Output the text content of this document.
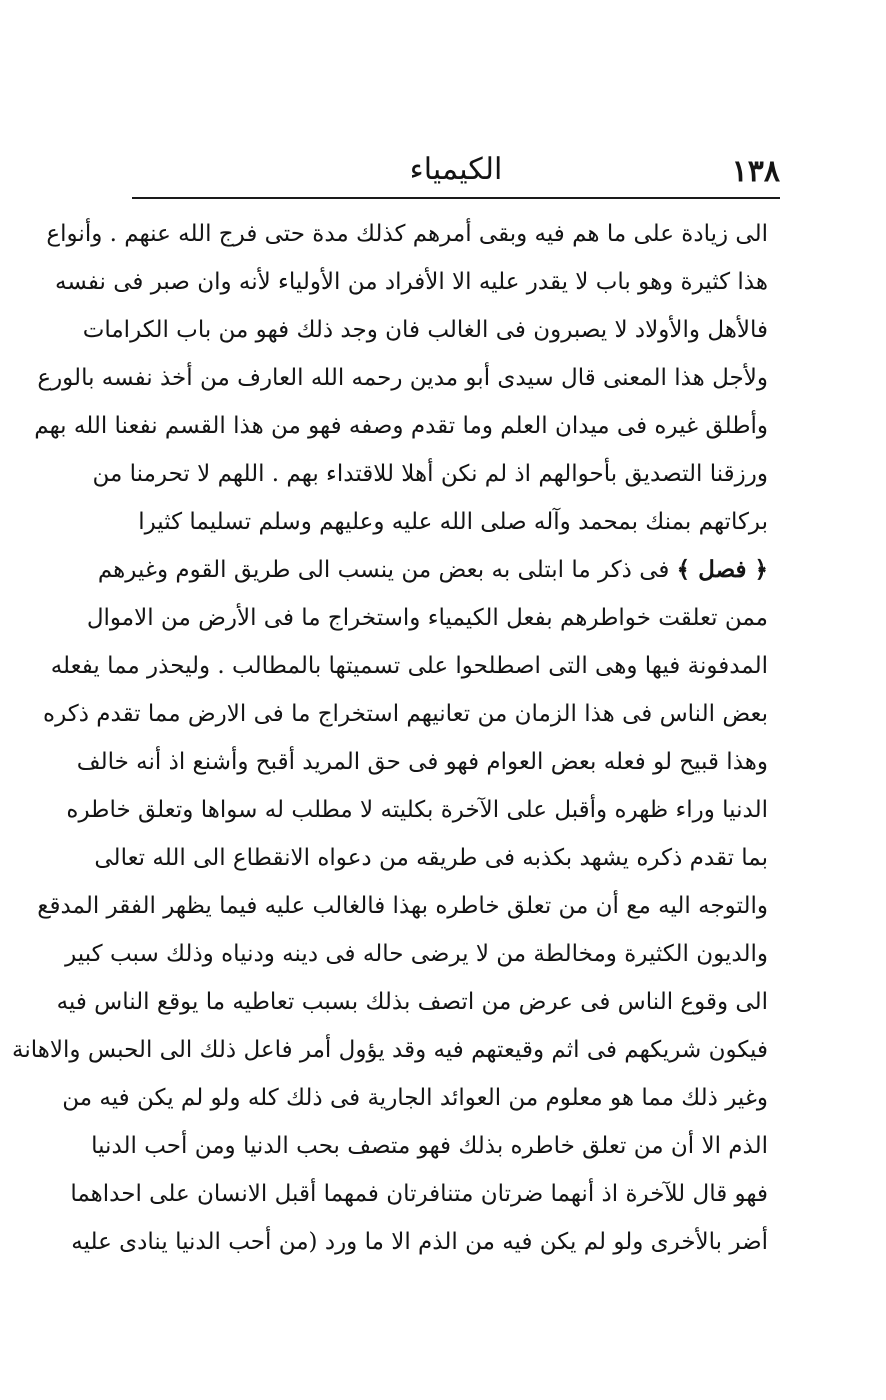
١٣٨
الكيمياء
الى زيادة على ما هم فيه وبقى أمرهم كذلك مدة حتى فرج الله عنهم . وأنواع
هذا كثيرة وهو باب لا يقدر عليه الا الأفراد من الأولياء لأنه وان صبر فى نفسه
فالأهل والأولاد لا يصبرون فى الغالب فان وجد ذلك فهو من باب الكرامات
ولأجل هذا المعنى قال سيدى أبو مدين رحمه الله العارف من أخذ نفسه بالورع
وأطلق غيره فى ميدان العلم وما تقدم وصفه فهو من هذا القسم نفعنا الله بهم
ورزقنا التصديق بأحوالهم اذ لم نكن أهلا للاقتداء بهم . اللهم لا تحرمنا من
بركاتهم بمنك بمحمد وآله صلى الله عليه وعليهم وسلم تسليما كثيرا
﴿ فصل ﴾ فى ذكر ما ابتلى به بعض من ينسب الى طريق القوم وغيرهم
ممن تعلقت خواطرهم بفعل الكيمياء واستخراج ما فى الأرض من الاموال
المدفونة فيها وهى التى اصطلحوا على تسميتها بالمطالب . وليحذر مما يفعله
بعض الناس فى هذا الزمان من تعانيهم استخراج ما فى الارض مما تقدم ذكره
وهذا قبيح لو فعله بعض العوام فهو فى حق المريد أقبح وأشنع اذ أنه خالف
الدنيا وراء ظهره وأقبل على الآخرة بكليته لا مطلب له سواها وتعلق خاطره
بما تقدم ذكره يشهد بكذبه فى طريقه من دعواه الانقطاع الى الله تعالى
والتوجه اليه مع أن من تعلق خاطره بهذا فالغالب عليه فيما يظهر الفقر المدقع
والديون الكثيرة ومخالطة من لا يرضى حاله فى دينه ودنياه وذلك سبب كبير
الى وقوع الناس فى عرض من اتصف بذلك بسبب تعاطيه ما يوقع الناس فيه
فيكون شريكهم فى اثم وقيعتهم فيه وقد يؤول أمر فاعل ذلك الى الحبس والاهانة
وغير ذلك مما هو معلوم من العوائد الجارية فى ذلك كله ولو لم يكن فيه من
الذم الا أن من تعلق خاطره بذلك فهو متصف بحب الدنيا ومن أحب الدنيا
فهو قال للآخرة اذ أنهما ضرتان متنافرتان فمهما أقبل الانسان على احداهما
أضر بالأخرى ولو لم يكن فيه من الذم الا ما ورد (من أحب الدنيا ينادى عليه
